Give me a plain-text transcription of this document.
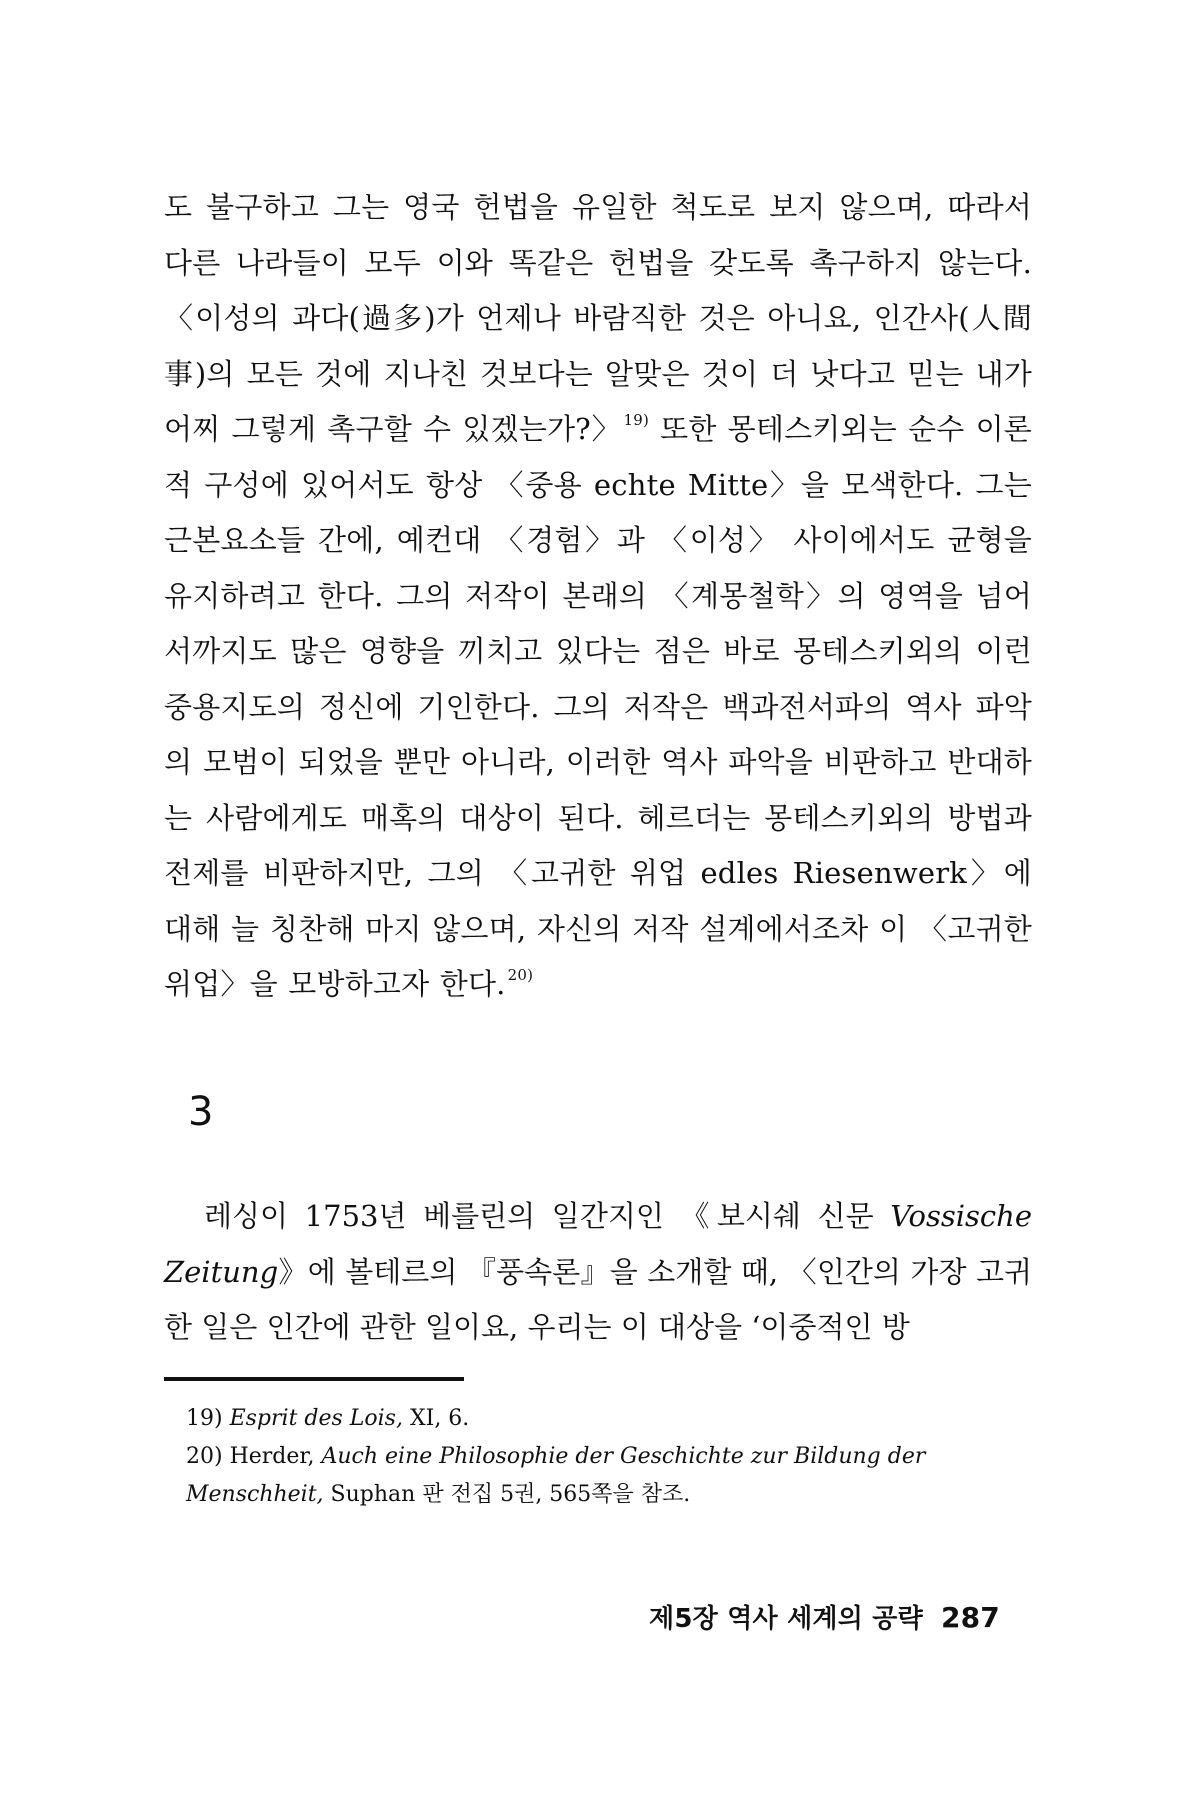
도 불구하고 그는 영국 헌법을 유일한 척도로 보지 않으며, 따라서 다른 나라들이 모두 이와 똑같은 헌법을 갖도록 촉구하지 않는다. 〈이성의 과다(過多)가 언제나 바람직한 것은 아니요, 인간사(人間事)의 모든 것에 지나친 것보다는 알맞은 것이 더 낫다고 믿는 내가 어찌 그렇게 촉구할 수 있겠는가?〉 $^{19)}$ 또한 몽테스키외는 순수 이론적 구성에 있어서도 항상 〈중용 echte Mitte〉을 모색한다. 그는 근본요소들 간에, 예컨대 〈경험〉과 〈이성〉 사이에서도 균형을 유지하려고 한다. 그의 저작이 본래의 〈계몽철학〉의 영역을 넘어서까지도 많은 영향을 끼치고 있다는 점은 바로 몽테스키외의 이런 중용지도의 정신에 기인한다. 그의 저작은 백과전서파의 역사 파악의 모범이 되었을 뿐만 아니라, 이러한 역사 파악을 비판하고 반대하는 사람에게도 매혹의 대상이 된다. 헤르더는 몽테스키외의 방법과 전제를 비판하지만, 그의 〈고귀한 위업 edles Riesenwerk〉에 대해 늘 칭찬해 마지 않으며, 자신의 저작 설계에서조차 이 〈고귀한 위업〉을 모방하고자 한다. $^{20)}$
3
레싱이 1753년 베를린의 일간지인 《보시쉐 신문 Vossische Zeitung》에 볼테르의 『풍속론』을 소개할 때, 〈인간의 가장 고귀한 일은 인간에 관한 일이요, 우리는 이 대상을 ‘이중적인 방
19) Esprit des Lois, XI, 6.
20) Herder, Auch eine Philosophie der Geschichte zur Bildung der Menschheit, Suphan 판 전집 5권, 565쪽을 참조.
제5장 역사 세계의 공략 287
